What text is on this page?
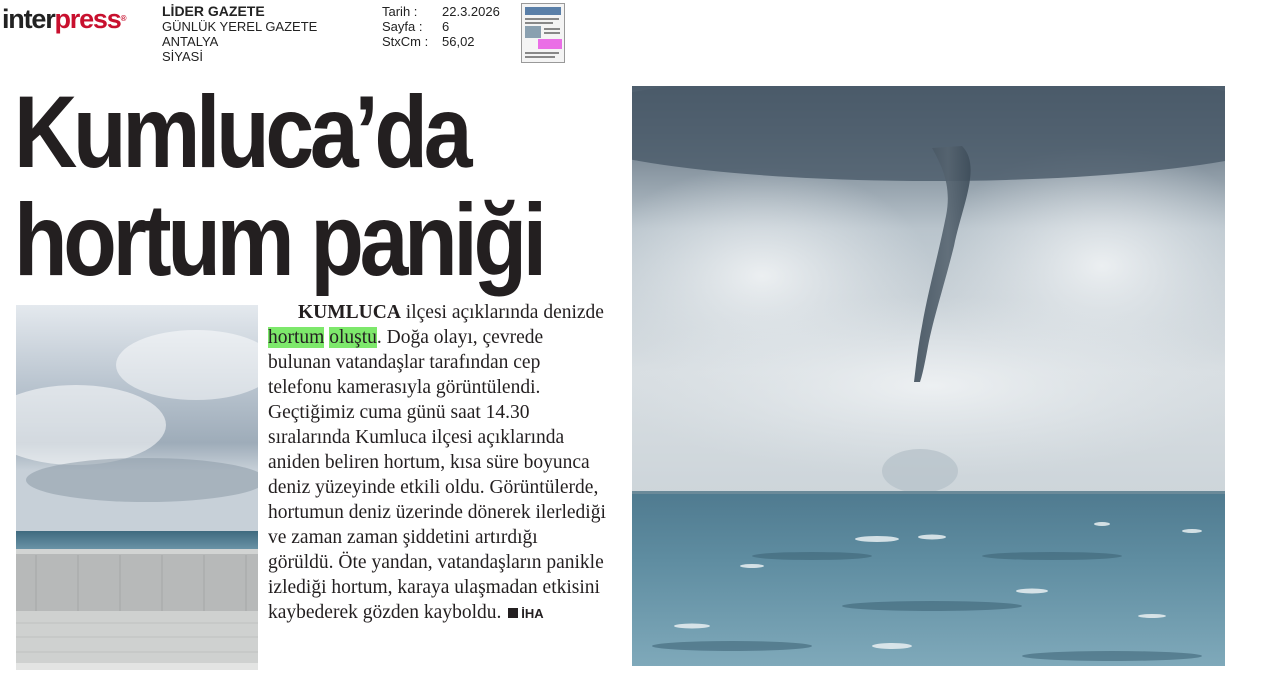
interpress®	LİDER GAZETE
GÜNLÜK YEREL GAZETE
ANTALYA
SİYASİ
Tarih :	22.3.2026
Sayfa :	6
StxCm :	56,02
Kumluca’da
hortum paniği

KUMLUCA ilçesi açıklarında denizde hortum oluştu. Doğa olayı, çevrede bulunan vatandaşlar tarafından cep telefonu kamerasıyla görüntülendi. Geçtiğimiz cuma günü saat 14.30 sıralarında Kumluca ilçesi açıklarında aniden beliren hortum, kısa süre boyunca deniz yüzeyinde etkili oldu. Görüntülerde, hortumun deniz üzerinde dönerek ilerlediği ve zaman zaman şiddetini artırdığı görüldü. Öte yandan, vatandaşların panikle izlediği hortum, karaya ulaşmadan etkisini kaybederek gözden kayboldu. İHA
